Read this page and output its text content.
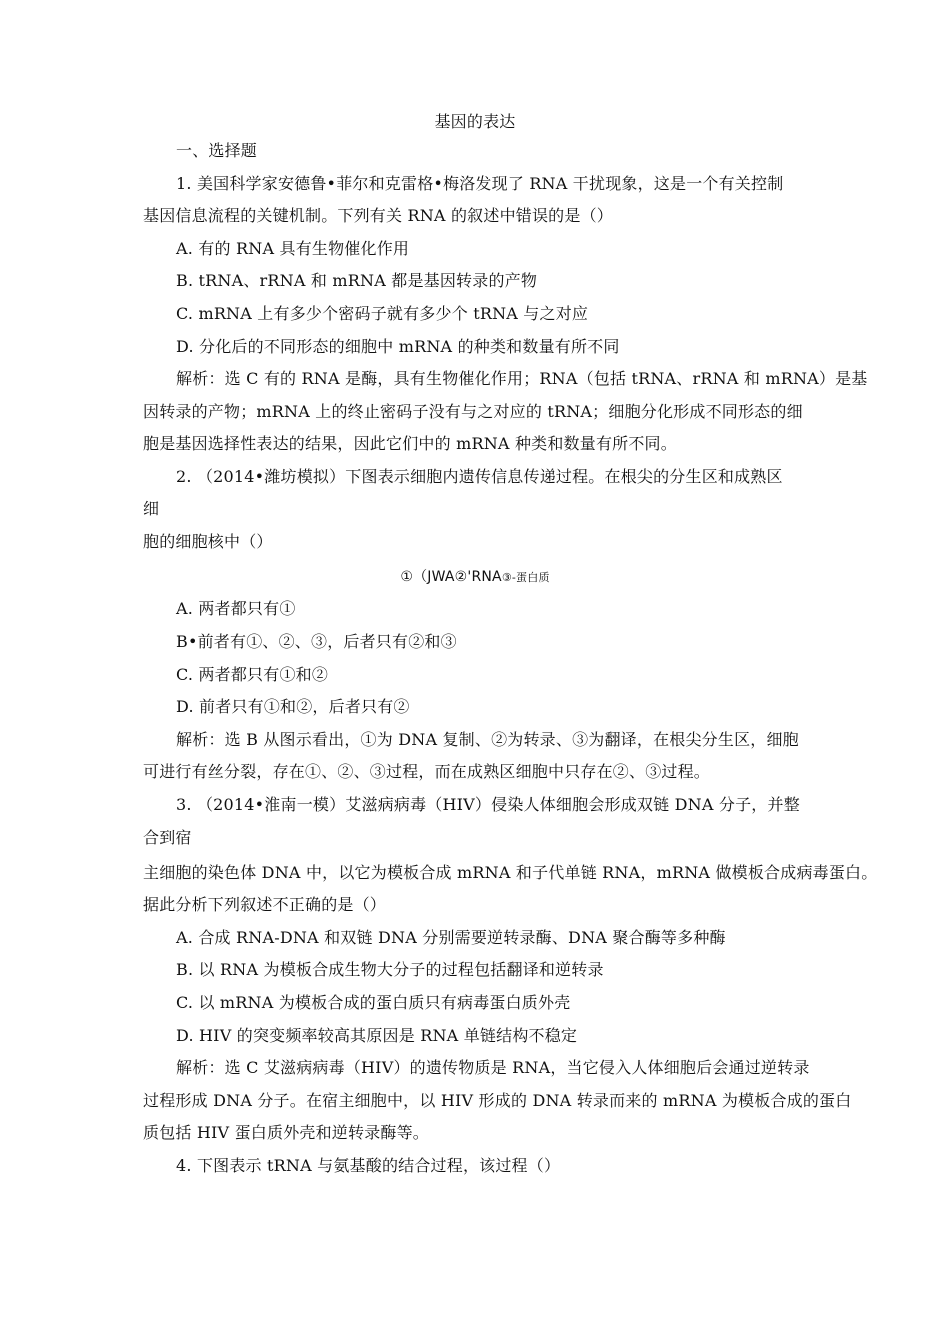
基因的表达
一、选择题
1. 美国科学家安德鲁•菲尔和克雷格•梅洛发现了 RNA 干扰现象，这是一个有关控制
基因信息流程的关键机制。下列有关 RNA 的叙述中错误的是（）
A. 有的 RNA 具有生物催化作用
B. tRNA、rRNA 和 mRNA 都是基因转录的产物
C. mRNA 上有多少个密码子就有多少个 tRNA 与之对应
D. 分化后的不同形态的细胞中 mRNA 的种类和数量有所不同
解析：选 C 有的 RNA 是酶，具有生物催化作用；RNA（包括 tRNA、rRNA 和 mRNA）是基
因转录的产物；mRNA 上的终止密码子没有与之对应的 tRNA；细胞分化形成不同形态的细
胞是基因选择性表达的结果，因此它们中的 mRNA 种类和数量有所不同。
2. （2014•潍坊模拟）下图表示细胞内遗传信息传递过程。在根尖的分生区和成熟区
细
胞的细胞核中（）
①（JWA②'RNA③-蛋白质
A. 两者都只有①
B•前者有①、②、③，后者只有②和③
C. 两者都只有①和②
D. 前者只有①和②，后者只有②
解析：选 B 从图示看出，①为 DNA 复制、②为转录、③为翻译，在根尖分生区，细胞
可进行有丝分裂，存在①、②、③过程，而在成熟区细胞中只存在②、③过程。
3. （2014•淮南一模）艾滋病病毒（HIV）侵染人体细胞会形成双链 DNA 分子，并整
合到宿
主细胞的染色体 DNA 中，以它为模板合成 mRNA 和子代单链 RNA，mRNA 做模板合成病毒蛋白。
据此分析下列叙述不正确的是（）
A. 合成 RNA-DNA 和双链 DNA 分别需要逆转录酶、DNA 聚合酶等多种酶
B. 以 RNA 为模板合成生物大分子的过程包括翻译和逆转录
C. 以 mRNA 为模板合成的蛋白质只有病毒蛋白质外壳
D. HIV 的突变频率较高其原因是 RNA 单链结构不稳定
解析：选 C 艾滋病病毒（HIV）的遗传物质是 RNA，当它侵入人体细胞后会通过逆转录
过程形成 DNA 分子。在宿主细胞中，以 HIV 形成的 DNA 转录而来的 mRNA 为模板合成的蛋白
质包括 HIV 蛋白质外壳和逆转录酶等。
4. 下图表示 tRNA 与氨基酸的结合过程，该过程（）
